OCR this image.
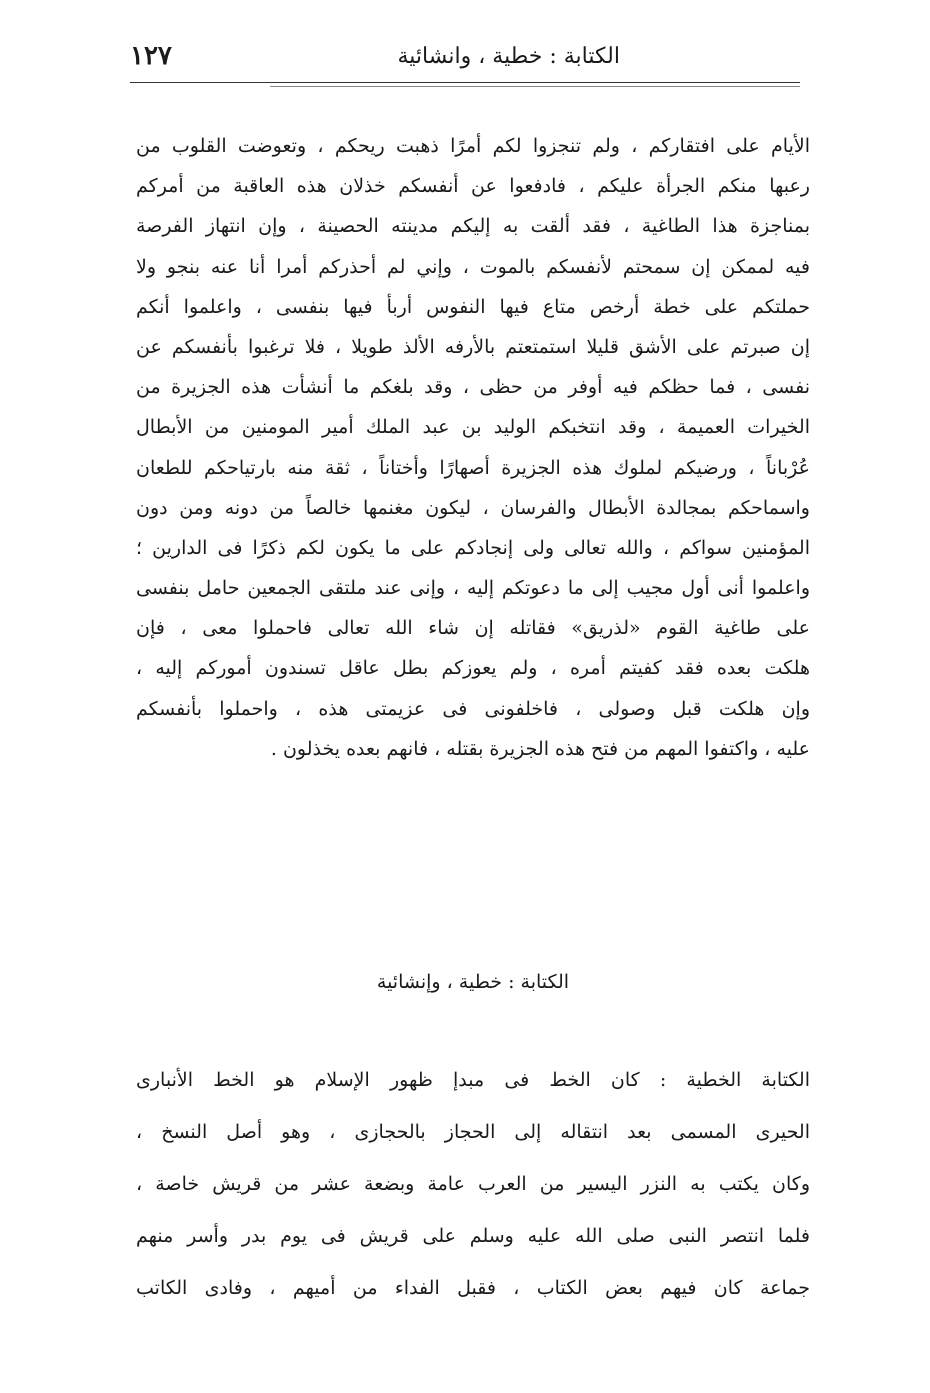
١٢٧	الكتابة : خطية ، وانشائية
الأيام على افتقاركم ، ولم تنجزوا لكم أمرًا ذهبت ريحكم ، وتعوضت القلوب من
رعبها منكم الجرأة عليكم ، فادفعوا عن أنفسكم خذلان هذه العاقبة من أمركم
بمناجزة هذا الطاغية ، فقد ألقت به إليكم مدينته الحصينة ، وإن انتهاز الفرصة
فيه لممكن إن سمحتم لأنفسكم بالموت ، وإني لم أحذركم أمرا أنا عنه بنجو ولا
حملتكم على خطة أرخص متاع فيها النفوس أربأ فيها بنفسى ، واعلموا أنكم
إن صبرتم على الأشق قليلا استمتعتم بالأرفه الألذ طويلا ، فلا ترغبوا بأنفسكم عن
نفسى ، فما حظكم فيه أوفر من حظى ، وقد بلغكم ما أنشأت هذه الجزيرة من
الخيرات العميمة ، وقد انتخبكم الوليد بن عبد الملك أمير المومنين من الأبطال
عُرْباناً ، ورضيكم لملوك هذه الجزيرة أصهارًا وأختاناً ، ثقة منه بارتياحكم للطعان
واسماحكم بمجالدة الأبطال والفرسان ، ليكون مغنمها خالصاً من دونه ومن دون
المؤمنين سواكم ، والله تعالى ولى إنجادكم على ما يكون لكم ذكرًا فى الدارين ؛
واعلموا أنى أول مجيب إلى ما دعوتكم إليه ، وإنى عند ملتقى الجمعين حامل بنفسى
على طاغية القوم «لذريق» فقاتله إن شاء الله تعالى فاحملوا معى ، فإن
هلكت بعده فقد كفيتم أمره ، ولم يعوزكم بطل عاقل تسندون أموركم إليه ،
وإن هلكت قبل وصولى ، فاخلفونى فى عزيمتى هذه ، واحملوا بأنفسكم
عليه ، واكتفوا المهم من فتح هذه الجزيرة بقتله ، فانهم بعده يخذلون .
الكتابة : خطية ، وإنشائية
الكتابة الخطية : كان الخط فى مبدإ ظهور الإسلام هو الخط الأنبارى
الحيرى المسمى بعد انتقاله إلى الحجاز بالحجازى ، وهو أصل النسخ ،
وكان يكتب به النزر اليسير من العرب عامة وبضعة عشر من قريش خاصة ،
فلما انتصر النبى صلى الله عليه وسلم على قريش فى يوم بدر وأسر منهم
جماعة كان فيهم بعض الكتاب ، فقبل الفداء من أميهم ، وفادى الكاتب
